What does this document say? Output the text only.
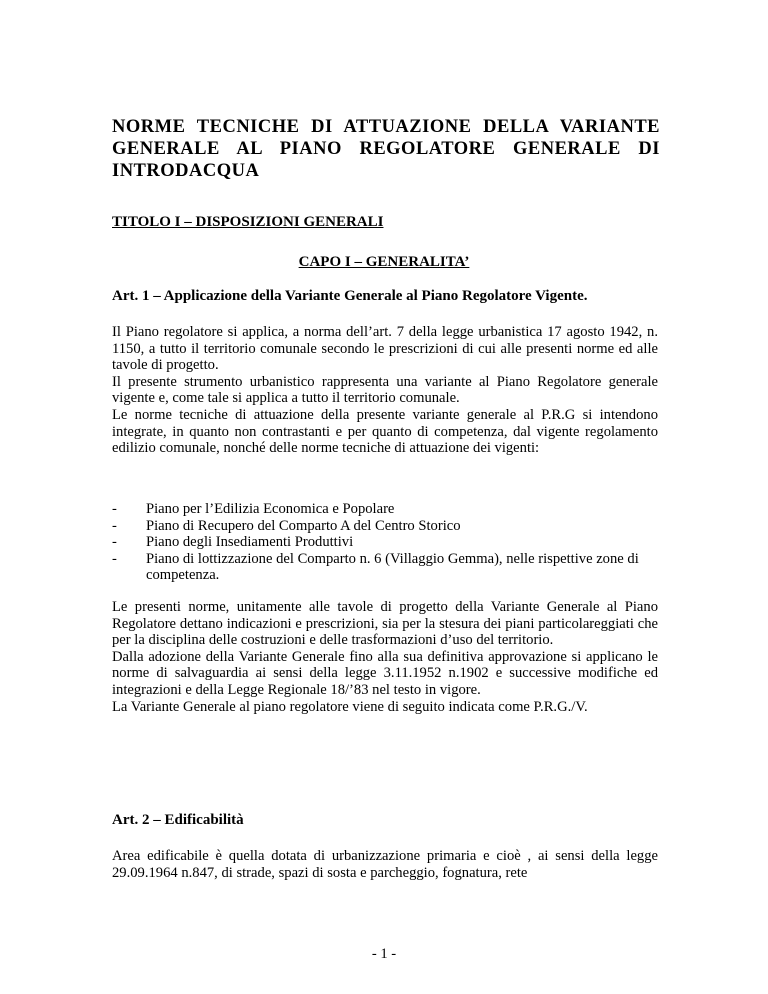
NORME TECNICHE DI ATTUAZIONE DELLA VARIANTE GENERALE AL PIANO REGOLATORE GENERALE DI INTRODACQUA
TITOLO I – DISPOSIZIONI GENERALI
CAPO I – GENERALITA’
Art. 1 – Applicazione della Variante Generale al Piano Regolatore Vigente.

Il Piano regolatore si applica, a norma dell’art. 7 della legge urbanistica 17 agosto 1942, n. 1150, a tutto il territorio comunale secondo le prescrizioni di cui alle presenti norme ed alle tavole di progetto.

Il presente strumento urbanistico rappresenta una variante al Piano Regolatore generale vigente e, come tale si applica a tutto il territorio comunale.

Le norme tecniche di attuazione della presente variante generale al P.R.G si intendono integrate, in quanto non contrastanti e per quanto di competenza, dal vigente regolamento edilizio comunale, nonché delle norme tecniche di attuazione dei vigenti:

- Piano per l’Edilizia Economica e Popolare
- Piano di Recupero del Comparto A del Centro Storico
- Piano degli Insediamenti Produttivi
- Piano di lottizzazione del Comparto n. 6 (Villaggio Gemma), nelle rispettive zone di competenza.

Le presenti norme, unitamente alle tavole di progetto della Variante Generale al Piano Regolatore dettano indicazioni e prescrizioni, sia per la stesura dei piani particolareggiati che per la disciplina delle costruzioni e delle trasformazioni d’uso del territorio.

Dalla adozione della Variante Generale fino alla sua definitiva approvazione si applicano le norme di salvaguardia ai sensi della legge 3.11.1952 n.1902 e successive modifiche ed integrazioni e della Legge Regionale 18/’83 nel testo in vigore.

La Variante Generale al piano regolatore viene di seguito indicata come P.R.G./V.

Art. 2 – Edificabilità

Area edificabile è quella dotata di urbanizzazione primaria e cioè , ai sensi della legge 29.09.1964 n.847, di strade, spazi di sosta e parcheggio, fognatura, rete

- 1 -
